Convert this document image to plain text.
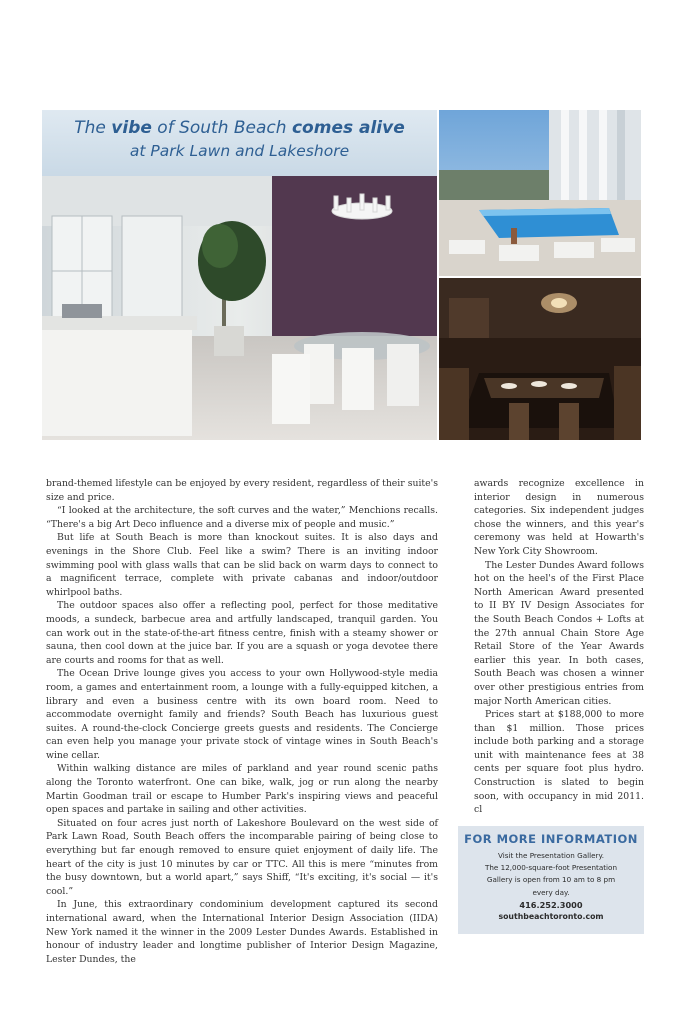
The vibe of South Beach comes alive
at Park Lawn and Lakeshore

brand-themed lifestyle can be enjoyed by every resident, regardless of their suite's size and price.

“I looked at the architecture, the soft curves and the water,” Menchions recalls. “There's a big Art Deco influence and a diverse mix of people and music.”

But life at South Beach is more than knockout suites. It is also days and evenings in the Shore Club. Feel like a swim? There is an inviting indoor swimming pool with glass walls that can be slid back on warm days to connect to a magnificent terrace, complete with private cabanas and indoor/outdoor whirlpool baths.

The outdoor spaces also offer a reflecting pool, perfect for those meditative moods, a sundeck, barbecue area and artfully landscaped, tranquil garden. You can work out in the state-of-the-art fitness centre, finish with a steamy shower or sauna, then cool down at the juice bar. If you are a squash or yoga devotee there are courts and rooms for that as well.

The Ocean Drive lounge gives you access to your own Hollywood-style media room, a games and entertainment room, a lounge with a fully-equipped kitchen, a library and even a business centre with its own board room. Need to accommodate overnight family and friends? South Beach has luxurious guest suites. A round-the-clock Concierge greets guests and residents. The Concierge can even help you manage your private stock of vintage wines in South Beach's wine cellar.

Within walking distance are miles of parkland and year round scenic paths along the Toronto waterfront. One can bike, walk, jog or run along the nearby Martin Goodman trail or escape to Humber Park's inspiring views and peaceful open spaces and partake in sailing and other activities.

Situated on four acres just north of Lakeshore Boulevard on the west side of Park Lawn Road, South Beach offers the incomparable pairing of being close to everything but far enough removed to ensure quiet enjoyment of daily life. The heart of the city is just 10 minutes by car or TTC. All this is mere “minutes from the busy downtown, but a world apart,” says Shiff, “It's exciting, it's social — it's cool.”

In June, this extraordinary condominium development captured its second international award, when the International Interior Design Association (IIDA) New York named it the winner in the 2009 Lester Dundes Awards. Established in honour of industry leader and longtime publisher of Interior Design Magazine, Lester Dundes, the

awards recognize excellence in interior design in numerous categories. Six independent judges chose the winners, and this year's ceremony was held at Howarth's New York City Showroom.

The Lester Dundes Award follows hot on the heel's of the First Place North American Award presented to II BY IV Design Associates for the South Beach Condos + Lofts at the 27th annual Chain Store Age Retail Store of the Year Awards earlier this year. In both cases, South Beach was chosen a winner over other prestigious entries from major North American cities.

Prices start at $188,000 to more than $1 million. Those prices include both parking and a storage unit with maintenance fees at 38 cents per square foot plus hydro. Construction is slated to begin soon, with occupancy in mid 2011. cl

FOR MORE INFORMATION
Visit the Presentation Gallery.
The 12,000-square-foot Presentation
Gallery is open from 10 am to 8 pm
every day.
416.252.3000
southbeachtoronto.com
